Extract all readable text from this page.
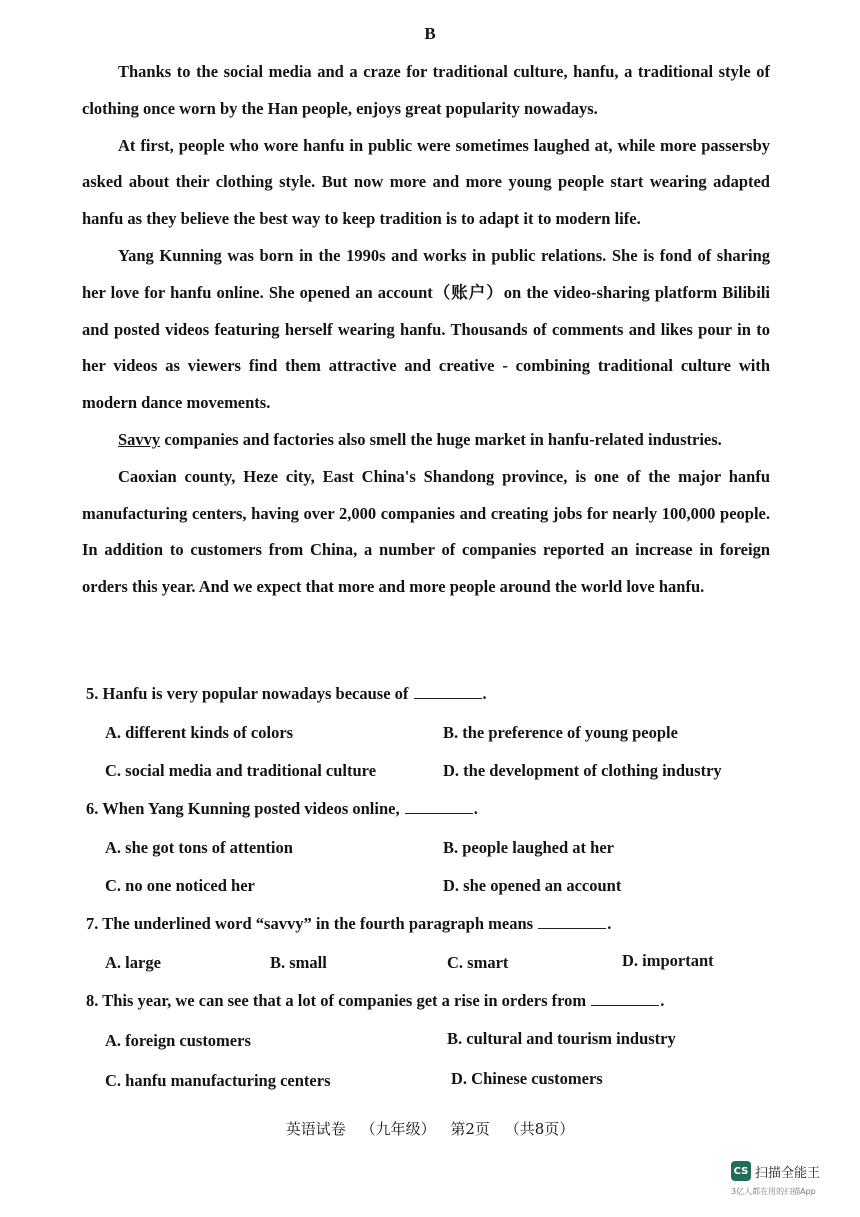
B

Thanks to the social media and a craze for traditional culture, hanfu, a traditional style of clothing once worn by the Han people, enjoys great popularity nowadays.

At first, people who wore hanfu in public were sometimes laughed at, while more passersby asked about their clothing style. But now more and more young people start wearing adapted hanfu as they believe the best way to keep tradition is to adapt it to modern life.

Yang Kunning was born in the 1990s and works in public relations. She is fond of sharing her love for hanfu online. She opened an account（账户）on the video-sharing platform Bilibili and posted videos featuring herself wearing hanfu. Thousands of comments and likes pour in to her videos as viewers find them attractive and creative - combining traditional culture with modern dance movements.

Savvy companies and factories also smell the huge market in hanfu-related industries.

Caoxian county, Heze city, East China's Shandong province, is one of the major hanfu manufacturing centers, having over 2,000 companies and creating jobs for nearly 100,000 people. In addition to customers from China, a number of companies reported an increase in foreign orders this year. And we expect that more and more people around the world love hanfu.

5. Hanfu is very popular nowadays because of	.
A. different kinds of colors	B. the preference of young people
C. social media and traditional culture	D. the development of clothing industry
6. When Yang Kunning posted videos online,	.
A. she got tons of attention	B. people laughed at her
C. no one noticed her	D. she opened an account
7. The underlined word “savvy” in the fourth paragraph means	.
A. large	B. small	C. smart	D. important
8. This year, we can see that a lot of companies get a rise in orders from	.
A. foreign customers	B. cultural and tourism industry
C. hanfu manufacturing centers	D. Chinese customers
英语试卷 （九年级） 第2页 （共8页）
CS 扫描全能王
3亿人都在用的扫描App
